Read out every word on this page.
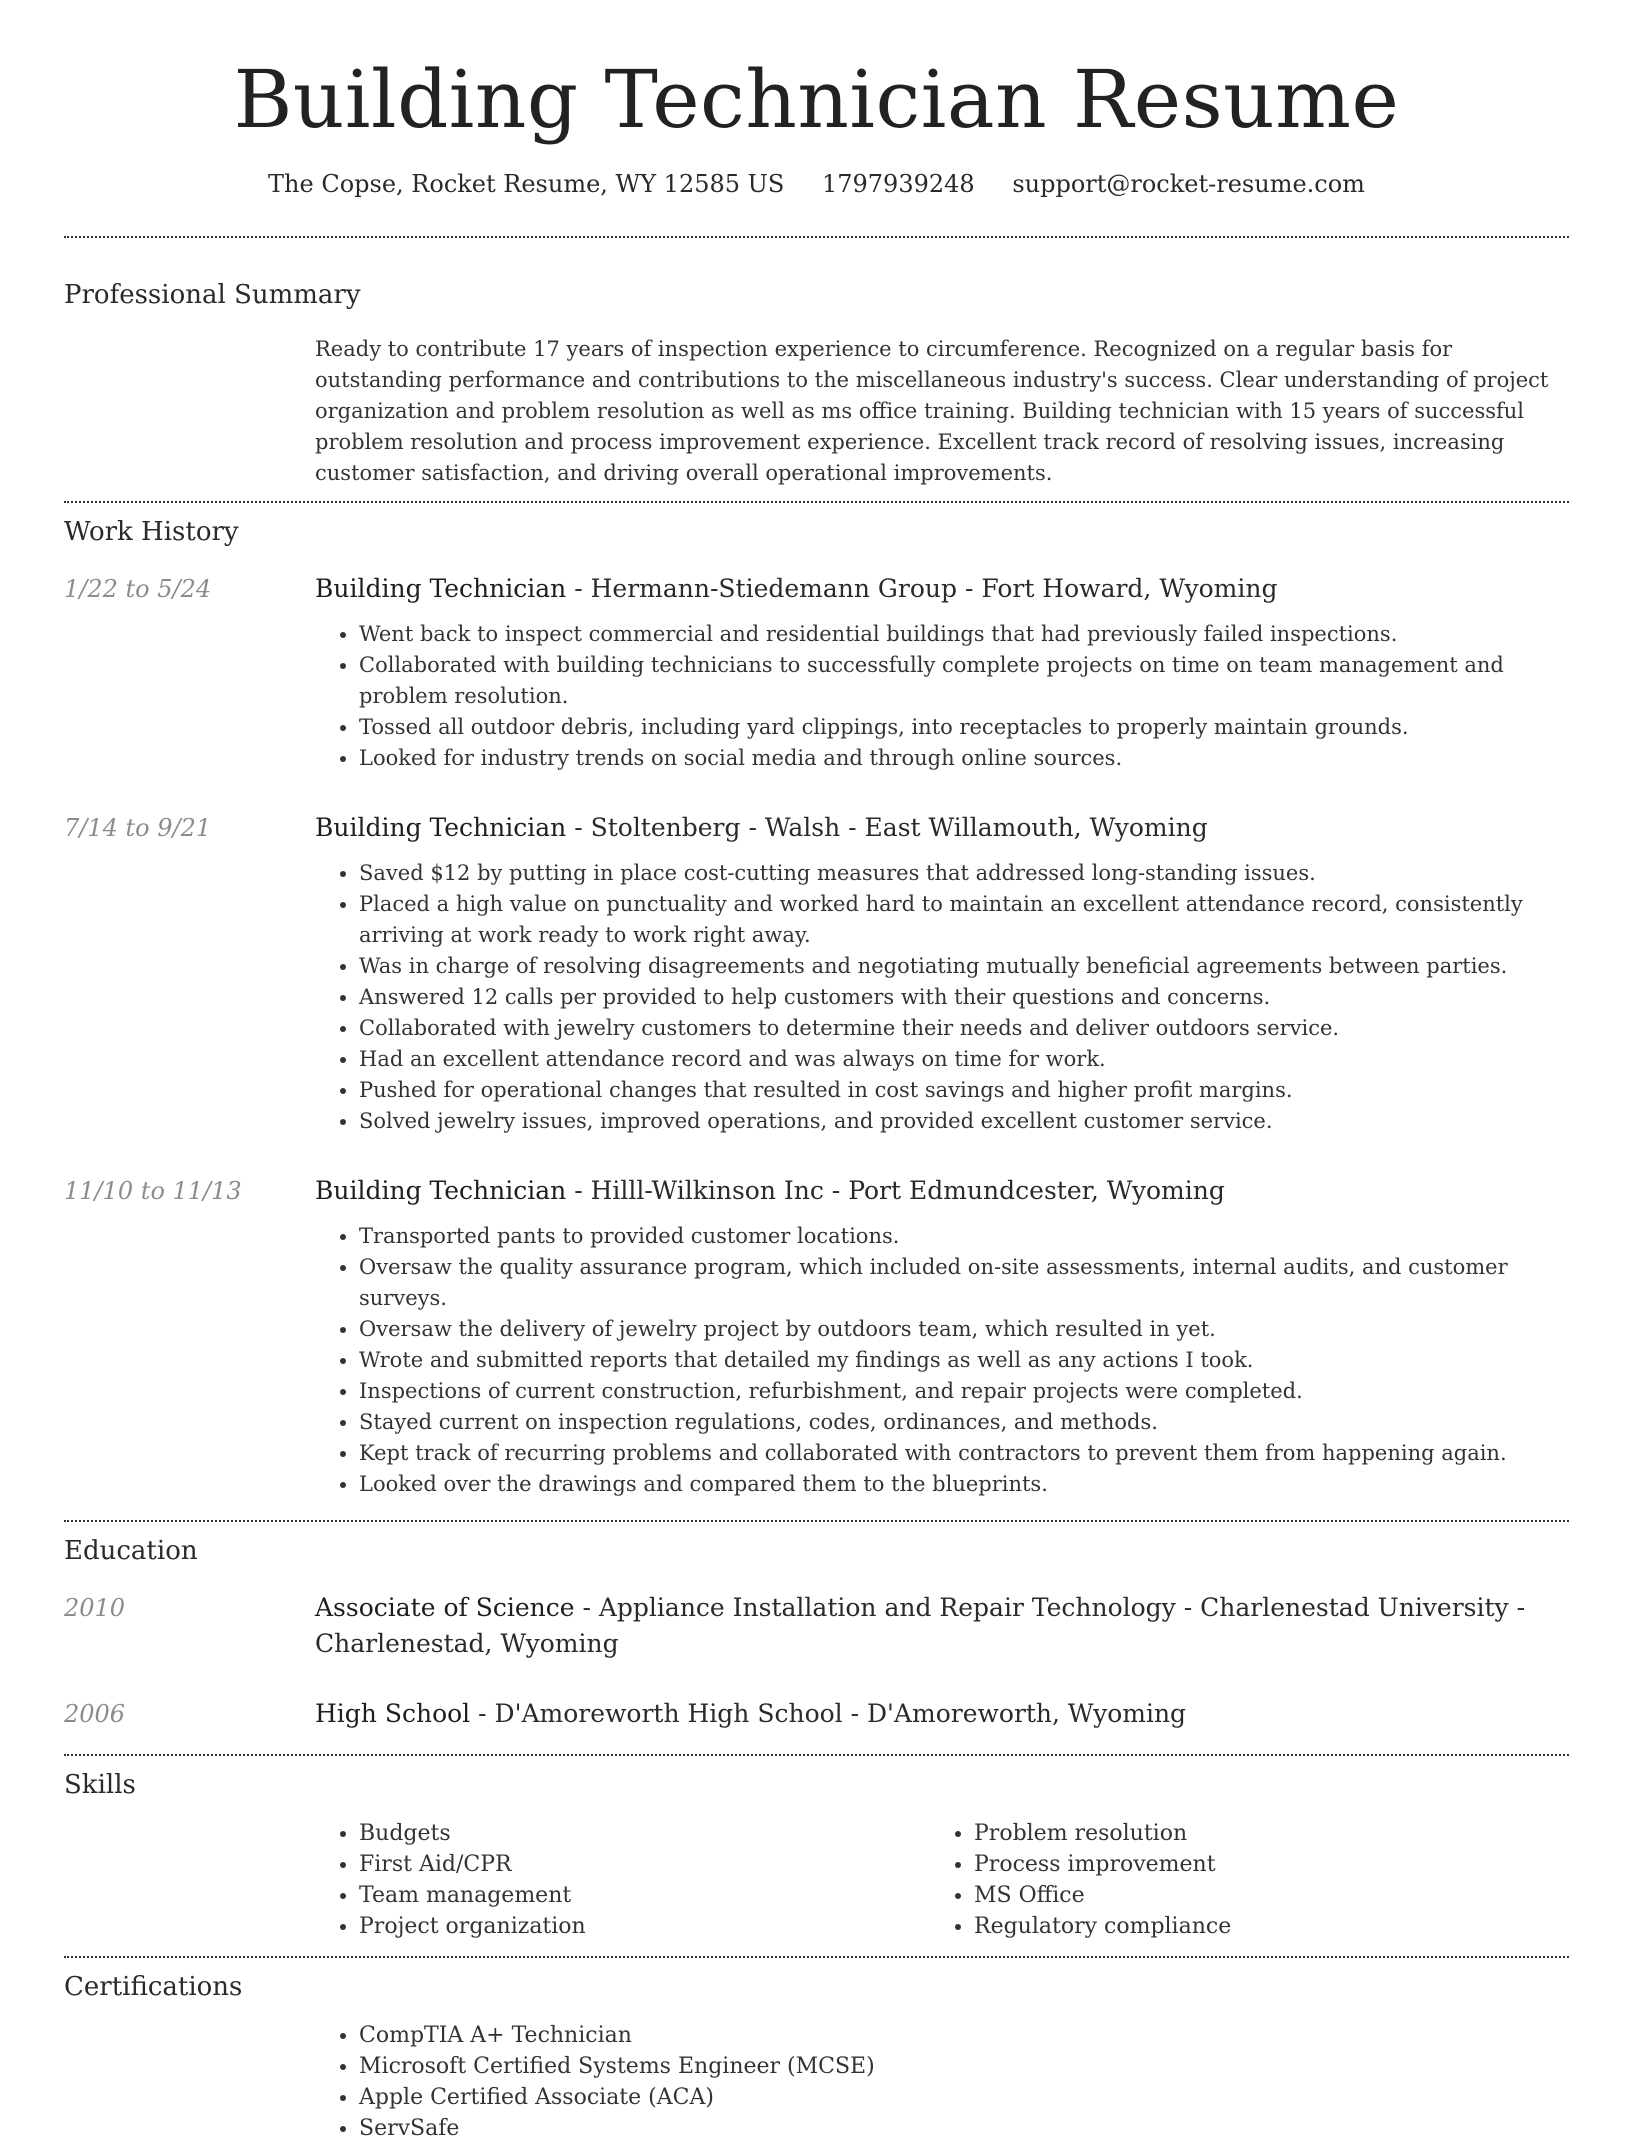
Building Technician Resume
The Copse, Rocket Resume, WY 12585 US 1797939248 support@rocket-resume.com
Professional Summary
Ready to contribute 17 years of inspection experience to circumference. Recognized on a regular basis for outstanding performance and contributions to the miscellaneous industry's success. Clear understanding of project organization and problem resolution as well as ms office training. Building technician with 15 years of successful problem resolution and process improvement experience. Excellent track record of resolving issues, increasing customer satisfaction, and driving overall operational improvements.
Work History
1/22 to 5/24	Building Technician - Hermann-Stiedemann Group - Fort Howard, Wyoming
• Went back to inspect commercial and residential buildings that had previously failed inspections.
• Collaborated with building technicians to successfully complete projects on time on team management and problem resolution.
• Tossed all outdoor debris, including yard clippings, into receptacles to properly maintain grounds.
• Looked for industry trends on social media and through online sources.
7/14 to 9/21	Building Technician - Stoltenberg - Walsh - East Willamouth, Wyoming
• Saved $12 by putting in place cost-cutting measures that addressed long-standing issues.
• Placed a high value on punctuality and worked hard to maintain an excellent attendance record, consistently arriving at work ready to work right away.
• Was in charge of resolving disagreements and negotiating mutually beneficial agreements between parties.
• Answered 12 calls per provided to help customers with their questions and concerns.
• Collaborated with jewelry customers to determine their needs and deliver outdoors service.
• Had an excellent attendance record and was always on time for work.
• Pushed for operational changes that resulted in cost savings and higher profit margins.
• Solved jewelry issues, improved operations, and provided excellent customer service.
11/10 to 11/13	Building Technician - Hilll-Wilkinson Inc - Port Edmundcester, Wyoming
• Transported pants to provided customer locations.
• Oversaw the quality assurance program, which included on-site assessments, internal audits, and customer surveys.
• Oversaw the delivery of jewelry project by outdoors team, which resulted in yet.
• Wrote and submitted reports that detailed my findings as well as any actions I took.
• Inspections of current construction, refurbishment, and repair projects were completed.
• Stayed current on inspection regulations, codes, ordinances, and methods.
• Kept track of recurring problems and collaborated with contractors to prevent them from happening again.
• Looked over the drawings and compared them to the blueprints.
Education
2010	Associate of Science - Appliance Installation and Repair Technology - Charlenestad University - Charlenestad, Wyoming
2006	High School - D'Amoreworth High School - D'Amoreworth, Wyoming
Skills
• Budgets
• First Aid/CPR
• Team management
• Project organization
• Problem resolution
• Process improvement
• MS Office
• Regulatory compliance
Certifications
• CompTIA A+ Technician
• Microsoft Certified Systems Engineer (MCSE)
• Apple Certified Associate (ACA)
• ServSafe
